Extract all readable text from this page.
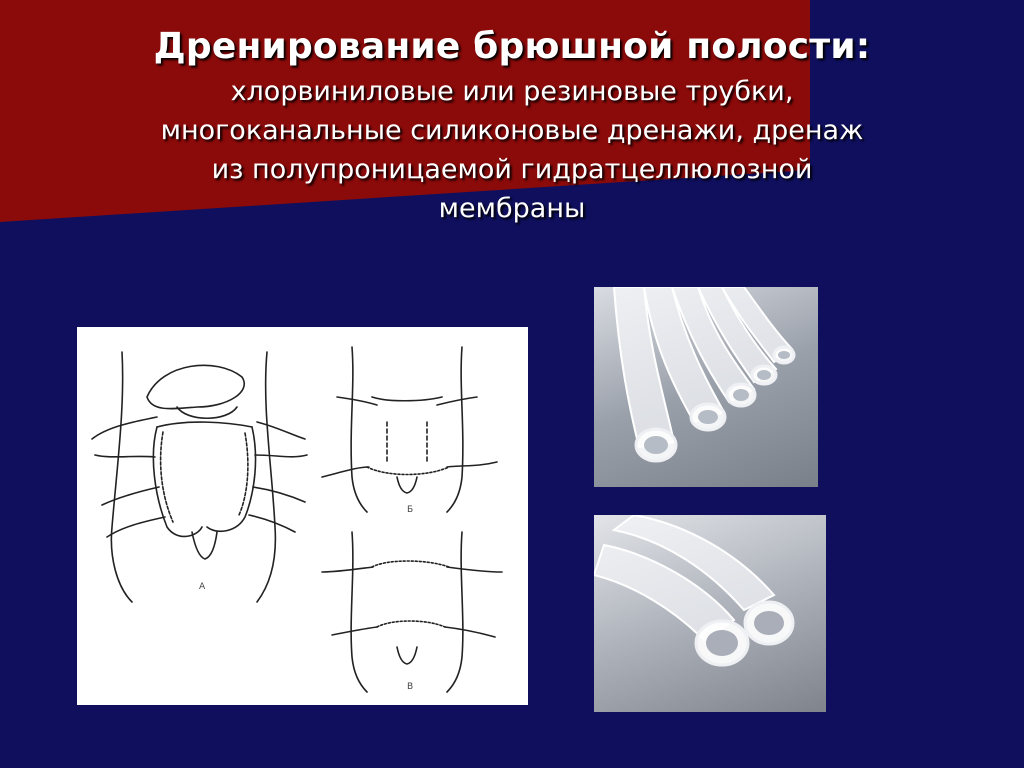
Дренирование брюшной полости:
хлорвиниловые или резиновые трубки,
многоканальные силиконовые дренажи, дренаж
из полупроницаемой гидратцеллюлозной
мембраны
А
Б
В
